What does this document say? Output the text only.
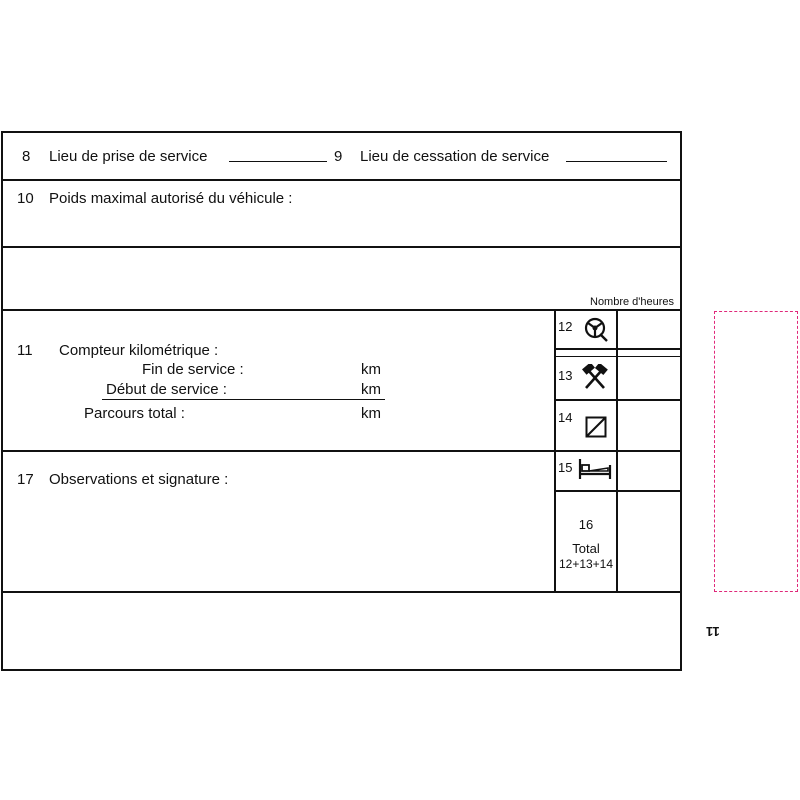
8 Lieu de prise de service	9 Lieu de cessation de service
10 Poids maximal autorisé du véhicule :
Nombre d'heures
11 Compteur kilométrique :
Fin de service :	km
Début de service :	km
Parcours total :	km
12
13
14
15
16
Total
12+13+14
17 Observations et signature :
11
